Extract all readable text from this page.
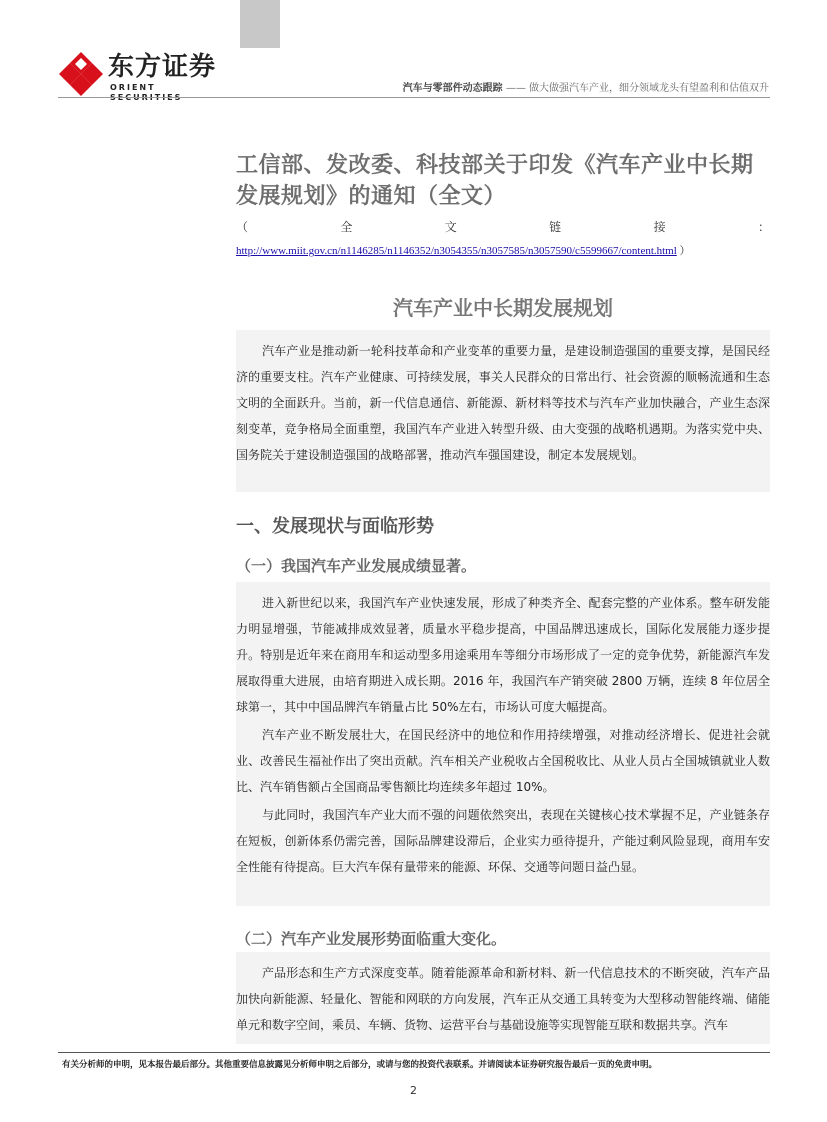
东方证券
ORIENT	汽车与零部件动态跟踪 —— 做大做强汽车产业，细分领域龙头有望盈利和估值双升
工信部、发改委、科技部关于印发《汽车产业中长期发展规划》的通知（全文）
（	全	文	链	接	：
http://www.miit.gov.cn/n1146285/n1146352/n3054355/n3057585/n3057590/c5599667/content.html ）
汽车产业中长期发展规划

汽车产业是推动新一轮科技革命和产业变革的重要力量，是建设制造强国的重要支撑，是国民经济的重要支柱。汽车产业健康、可持续发展，事关人民群众的日常出行、社会资源的顺畅流通和生态文明的全面跃升。当前，新一代信息通信、新能源、新材料等技术与汽车产业加快融合，产业生态深刻变革，竞争格局全面重塑，我国汽车产业进入转型升级、由大变强的战略机遇期。为落实党中央、国务院关于建设制造强国的战略部署，推动汽车强国建设，制定本发展规划。

一、发展现状与面临形势
（一）我国汽车产业发展成绩显著。

进入新世纪以来，我国汽车产业快速发展，形成了种类齐全、配套完整的产业体系。整车研发能力明显增强，节能减排成效显著，质量水平稳步提高，中国品牌迅速成长，国际化发展能力逐步提升。特别是近年来在商用车和运动型多用途乘用车等细分市场形成了一定的竞争优势，新能源汽车发展取得重大进展，由培育期进入成长期。2016 年，我国汽车产销突破 2800 万辆，连续 8 年位居全球第一，其中中国品牌汽车销量占比 50%左右，市场认可度大幅提高。

汽车产业不断发展壮大，在国民经济中的地位和作用持续增强，对推动经济增长、促进社会就业、改善民生福祉作出了突出贡献。汽车相关产业税收占全国税收比、从业人员占全国城镇就业人数比、汽车销售额占全国商品零售额比均连续多年超过 10%。

与此同时，我国汽车产业大而不强的问题依然突出，表现在关键核心技术掌握不足，产业链条存在短板，创新体系仍需完善，国际品牌建设滞后，企业实力亟待提升，产能过剩风险显现，商用车安全性能有待提高。巨大汽车保有量带来的能源、环保、交通等问题日益凸显。

（二）汽车产业发展形势面临重大变化。

产品形态和生产方式深度变革。随着能源革命和新材料、新一代信息技术的不断突破，汽车产品加快向新能源、轻量化、智能和网联的方向发展，汽车正从交通工具转变为大型移动智能终端、储能单元和数字空间，乘员、车辆、货物、运营平台与基础设施等实现智能互联和数据共享。汽车

有关分析师的申明，见本报告最后部分。其他重要信息披露见分析师申明之后部分，或请与您的投资代表联系。并请阅读本证券研究报告最后一页的免责申明。
2
